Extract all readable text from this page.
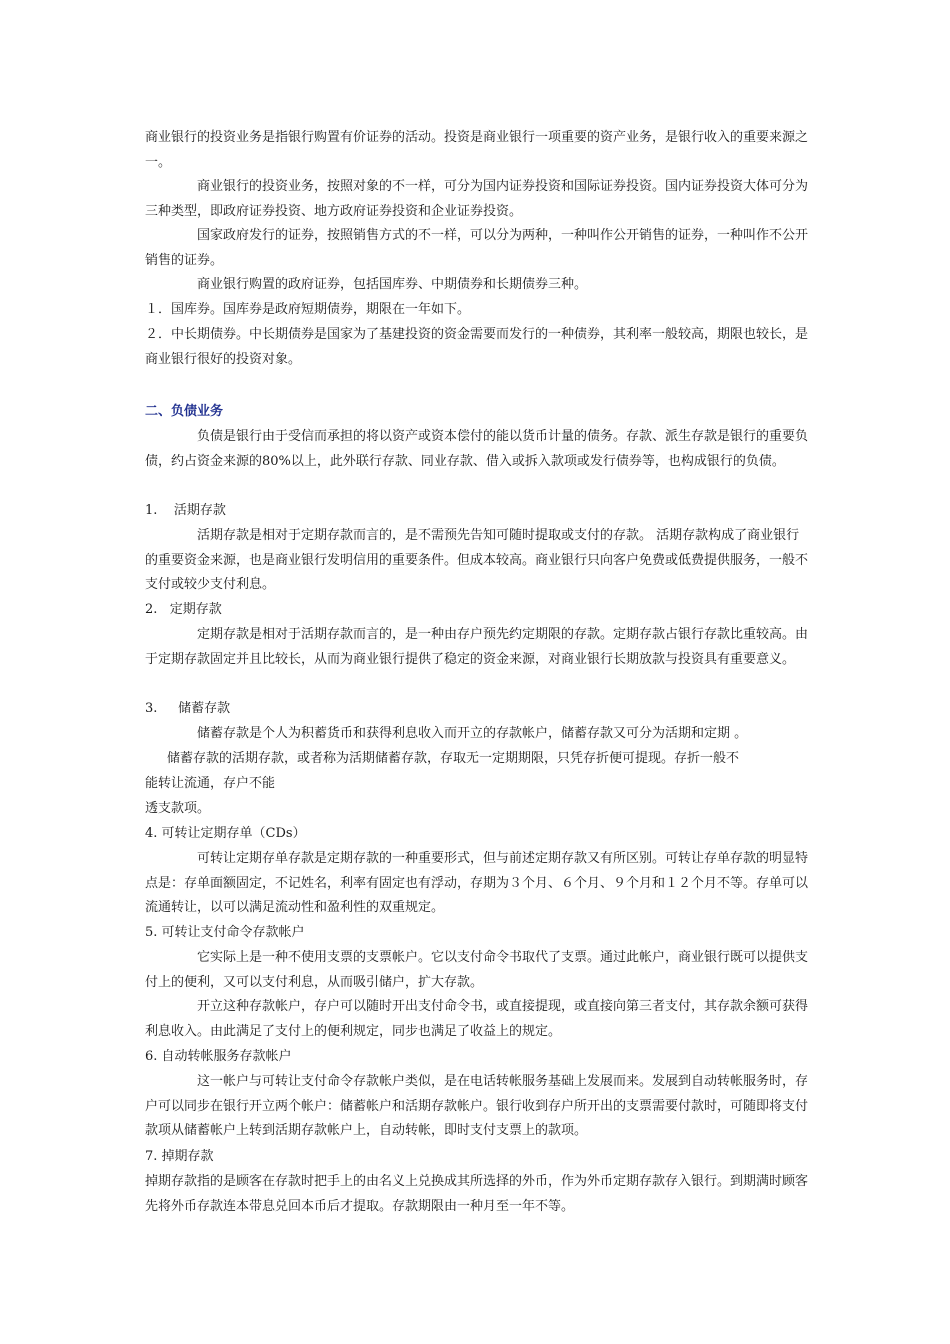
商业银行的投资业务是指银行购置有价证券的活动。投资是商业银行一项重要的资产业务，是银行收入的重要来源之一。

商业银行的投资业务，按照对象的不一样，可分为国内证券投资和国际证券投资。国内证券投资大体可分为三种类型，即政府证券投资、地方政府证券投资和企业证券投资。

国家政府发行的证券，按照销售方式的不一样，可以分为两种，一种叫作公开销售的证券，一种叫作不公开销售的证券。

商业银行购置的政府证券，包括国库券、中期债券和长期债券三种。

１．国库券。国库券是政府短期债券，期限在一年如下。

２．中长期债券。中长期债券是国家为了基建投资的资金需要而发行的一种债券，其利率一般较高，期限也较长，是商业银行很好的投资对象。

二、负债业务

负债是银行由于受信而承担的将以资产或资本偿付的能以货币计量的债务。存款、派生存款是银行的重要负债，约占资金来源的80%以上，此外联行存款、同业存款、借入或拆入款项或发行债券等，也构成银行的负债。

1.    活期存款

活期存款是相对于定期存款而言的，是不需预先告知可随时提取或支付的存款。 活期存款构成了商业银行的重要资金来源，也是商业银行发明信用的重要条件。但成本较高。商业银行只向客户免费或低费提供服务，一般不支付或较少支付利息。

2.   定期存款

定期存款是相对于活期存款而言的，是一种由存户预先约定期限的存款。定期存款占银行存款比重较高。由于定期存款固定并且比较长，从而为商业银行提供了稳定的资金来源，对商业银行长期放款与投资具有重要意义。

3.     储蓄存款

储蓄存款是个人为积蓄货币和获得利息收入而开立的存款帐户，储蓄存款又可分为活期和定期 。

储蓄存款的活期存款，或者称为活期储蓄存款，存取无一定期期限，只凭存折便可提现。存折一般不

能转让流通，存户不能

透支款项。

4. 可转让定期存单（CDs）

可转让定期存单存款是定期存款的一种重要形式，但与前述定期存款又有所区别。可转让存单存款的明显特点是：存单面额固定，不记姓名，利率有固定也有浮动，存期为３个月、６个月、９个月和１２个月不等。存单可以流通转让，以可以满足流动性和盈利性的双重规定。

5. 可转让支付命令存款帐户

它实际上是一种不使用支票的支票帐户。它以支付命令书取代了支票。通过此帐户，商业银行既可以提供支付上的便利，又可以支付利息，从而吸引储户，扩大存款。

开立这种存款帐户，存户可以随时开出支付命令书，或直接提现，或直接向第三者支付，其存款余额可获得利息收入。由此满足了支付上的便利规定，同步也满足了收益上的规定。

6. 自动转帐服务存款帐户

这一帐户与可转让支付命令存款帐户类似，是在电话转帐服务基础上发展而来。发展到自动转帐服务时，存户可以同步在银行开立两个帐户：储蓄帐户和活期存款帐户。银行收到存户所开出的支票需要付款时，可随即将支付款项从储蓄帐户上转到活期存款帐户上，自动转帐，即时支付支票上的款项。

7. 掉期存款

掉期存款指的是顾客在存款时把手上的由名义上兑换成其所选择的外币，作为外币定期存款存入银行。到期满时顾客先将外币存款连本带息兑回本币后才提取。存款期限由一种月至一年不等。
